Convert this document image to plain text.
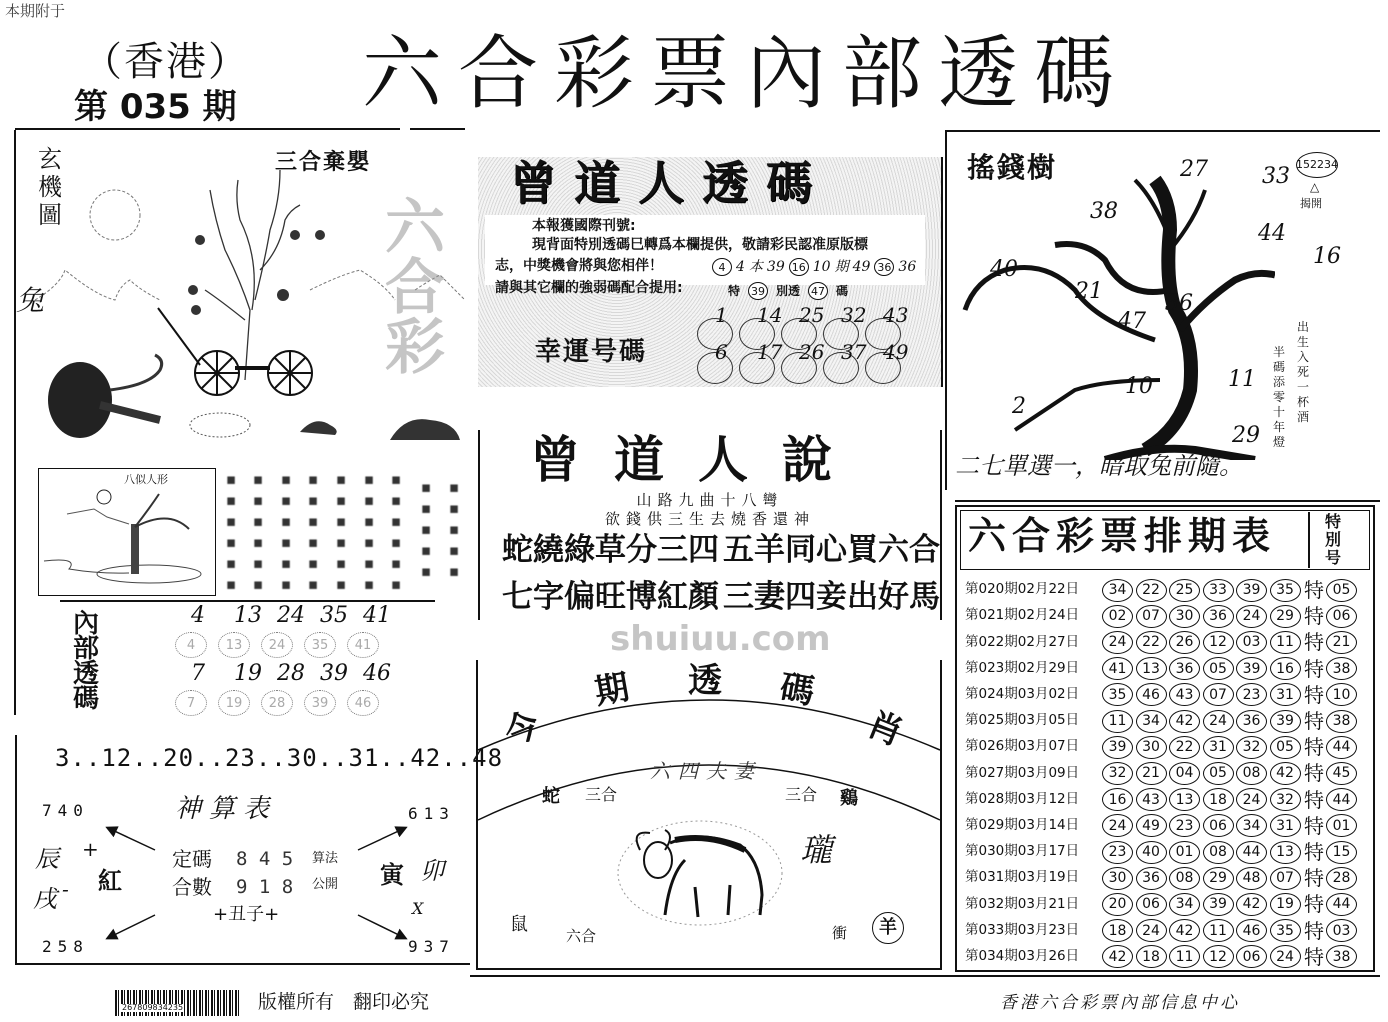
本期附于
（香港）
第 035 期 六合彩票內部透碼
玄機圖
三合棄嬰
兔
八似人形	▪▪▪▪▪▪ ▪▪▪▪▪▪ ▪▪▪▪▪▪ ▪▪▪▪▪▪ ▪▪▪▪▪▪ ▪▪▪▪▪▪ ▪▪▪▪▪▪ ▪▪▪▪▪ ▪▪▪▪▪
內部透碼
4
4
13
13
24
24
35
35
41
41
7
7
19
19
28
28
39
39
46
46
3..12..20..23..30..31..42..48
740	613
258	937
神算表
定碼 8 4 5
合數 9 1 8
算法
公開
+丑子+
辰
戌
+
- 紅	寅 卯
X
曾道人透碼
本報獲國際刊號:
現背面特別透碼巳轉爲本欄提供，敬請彩民認准原版標
志，中獎機會將與您相伴！
請與其它欄的強弱碼配合提用:
幸運号碼
4 4 本 39 16 10 期 49 36 36
特 39 別透 47 碼
1 14 25 32 43
6 17 26 37 49
曾道人說
山路九曲十八彎
欲錢供三生去燒香還神
蛇繞綠草分三四 五羊同心買六合
七字偏旺博紅顏 三妻四妾出好馬
六合彩
shuiuu.com
今
期 透 碼
肖
六四夫妻
蛇 三合	三合 鷄
鼠
六合	衝	羊
瓏
搖錢樹	152234
△
揭開
27 33
38
44
16
40
21
47
36
2
10	11
29
出生入死一杯酒
半碼添零十年燈
二七單選一，暗取兔前隨。
六合彩票排期表	特別号
第020期02月22日	34	22	25	33	39	35 特 05
第021期02月24日	02	07	30	36	24	29 特 06
第022期02月27日	24	22	26	12	03	11 特 21
第023期02月29日	41	13	36	05	39	16 特 38
第024期03月02日	35	46	43	07	23	31 特 10
第025期03月05日	11	34	42	24	36	39 特 38
第026期03月07日	39	30	22	31	32	05 特 44
第027期03月09日	32	21	04	05	08	42 特 45
第028期03月12日	16	43	13	18	24	32 特 44
第029期03月14日	24	49	23	06	34	31 特 01
第030期03月17日	23	40	01	08	44	13 特 15
第031期03月19日	30	36	08	29	48	07 特 28
第032期03月21日	20	06	34	39	42	19 特 44
第033期03月23日	18	24	42	11	46	35 特 03
第034期03月26日	42	18	11	12	06	24 特 38
267809834235	版權所有　翻印必究	香港六合彩票內部信息中心
